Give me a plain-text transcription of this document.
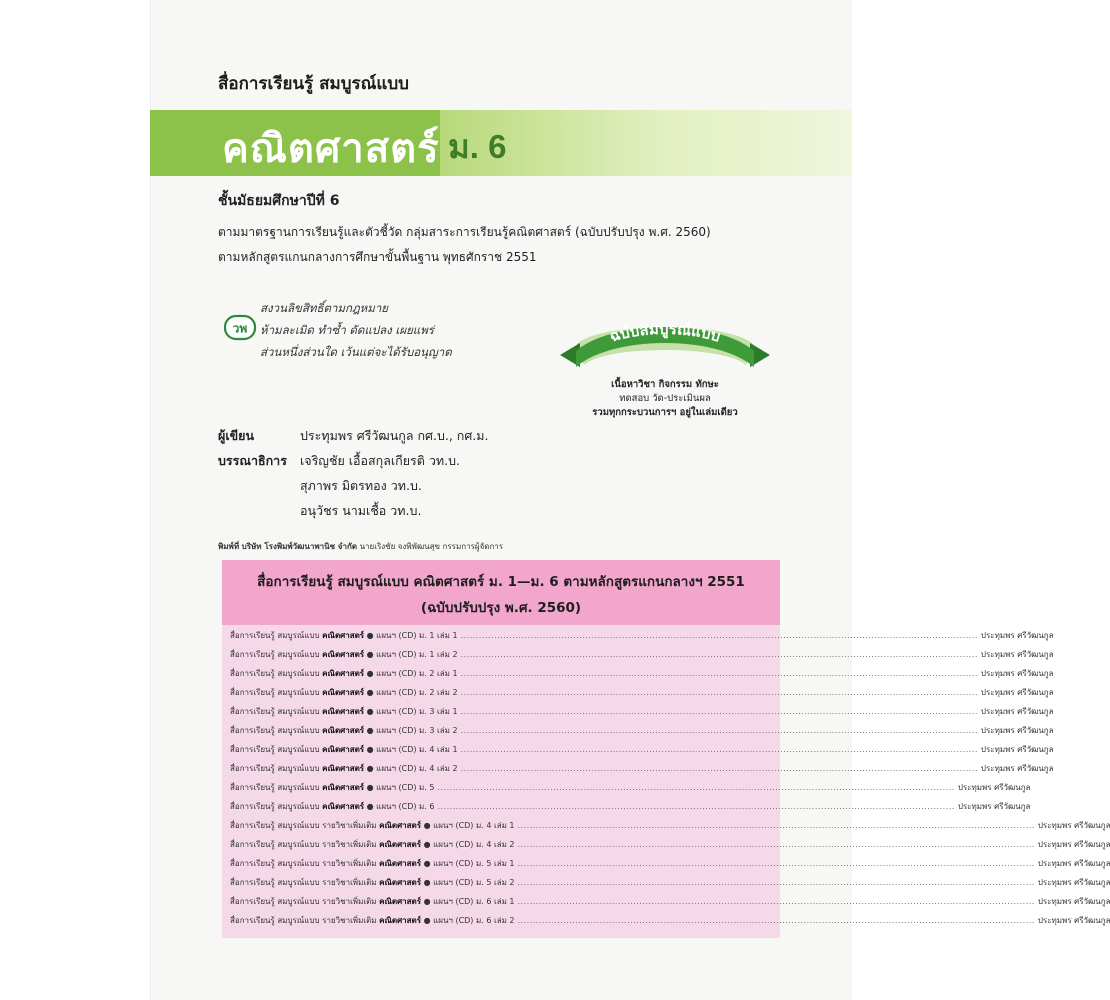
สื่อการเรียนรู้ สมบูรณ์แบบ
คณิตศาสตร์ ม. 6
ชั้นมัธยมศึกษาปีที่ 6
ตามมาตรฐานการเรียนรู้และตัวชี้วัด กลุ่มสาระการเรียนรู้คณิตศาสตร์ (ฉบับปรับปรุง พ.ศ. 2560)
ตามหลักสูตรแกนกลางการศึกษาขั้นพื้นฐาน พุทธศักราช 2551
วพ
สงวนลิขสิทธิ์ตามกฎหมาย
ห้ามละเมิด ทำซ้ำ ดัดแปลง เผยแพร่
ส่วนหนึ่งส่วนใด เว้นแต่จะได้รับอนุญาต
ฉบับสมบูรณ์แบบ
เนื้อหาวิชา กิจกรรม ทักษะ
ทดสอบ วัด-ประเมินผล
รวมทุกกระบวนการฯ อยู่ในเล่มเดียว
ผู้เขียน	ประทุมพร ศรีวัฒนกูล กศ.บ., กศ.ม.
บรรณาธิการ เจริญชัย เอื้อสกุลเกียรติ วท.บ.
สุภาพร มิตรทอง วท.บ.
อนุวัชร นามเชื้อ วท.บ.
พิมพ์ที่ บริษัท โรงพิมพ์วัฒนาพานิช จำกัด นายเริงชัย จงพิพัฒนสุข กรรมการผู้จัดการ
สื่อการเรียนรู้ สมบูรณ์แบบ คณิตศาสตร์ ม. 1—ม. 6 ตามหลักสูตรแกนกลางฯ 2551
(ฉบับปรับปรุง พ.ศ. 2560)
สื่อการเรียนรู้ สมบูรณ์แบบ คณิตศาสตร์ ● แผนฯ (CD) ม. 1 เล่ม 1 .......................................................................................................................................................................... ประทุมพร ศรีวัฒนกูล
สื่อการเรียนรู้ สมบูรณ์แบบ คณิตศาสตร์ ● แผนฯ (CD) ม. 1 เล่ม 2 .......................................................................................................................................................................... ประทุมพร ศรีวัฒนกูล
สื่อการเรียนรู้ สมบูรณ์แบบ คณิตศาสตร์ ● แผนฯ (CD) ม. 2 เล่ม 1 .......................................................................................................................................................................... ประทุมพร ศรีวัฒนกูล
สื่อการเรียนรู้ สมบูรณ์แบบ คณิตศาสตร์ ● แผนฯ (CD) ม. 2 เล่ม 2 .......................................................................................................................................................................... ประทุมพร ศรีวัฒนกูล
สื่อการเรียนรู้ สมบูรณ์แบบ คณิตศาสตร์ ● แผนฯ (CD) ม. 3 เล่ม 1 .......................................................................................................................................................................... ประทุมพร ศรีวัฒนกูล
สื่อการเรียนรู้ สมบูรณ์แบบ คณิตศาสตร์ ● แผนฯ (CD) ม. 3 เล่ม 2 .......................................................................................................................................................................... ประทุมพร ศรีวัฒนกูล
สื่อการเรียนรู้ สมบูรณ์แบบ คณิตศาสตร์ ● แผนฯ (CD) ม. 4 เล่ม 1 .......................................................................................................................................................................... ประทุมพร ศรีวัฒนกูล
สื่อการเรียนรู้ สมบูรณ์แบบ คณิตศาสตร์ ● แผนฯ (CD) ม. 4 เล่ม 2 .......................................................................................................................................................................... ประทุมพร ศรีวัฒนกูล
สื่อการเรียนรู้ สมบูรณ์แบบ คณิตศาสตร์ ● แผนฯ (CD) ม. 5 .......................................................................................................................................................................... ประทุมพร ศรีวัฒนกูล
สื่อการเรียนรู้ สมบูรณ์แบบ คณิตศาสตร์ ● แผนฯ (CD) ม. 6 .......................................................................................................................................................................... ประทุมพร ศรีวัฒนกูล
สื่อการเรียนรู้ สมบูรณ์แบบ รายวิชาเพิ่มเติม คณิตศาสตร์ ● แผนฯ (CD) ม. 4 เล่ม 1 .......................................................................................................................................................................... ประทุมพร ศรีวัฒนกูล
สื่อการเรียนรู้ สมบูรณ์แบบ รายวิชาเพิ่มเติม คณิตศาสตร์ ● แผนฯ (CD) ม. 4 เล่ม 2 .......................................................................................................................................................................... ประทุมพร ศรีวัฒนกูล
สื่อการเรียนรู้ สมบูรณ์แบบ รายวิชาเพิ่มเติม คณิตศาสตร์ ● แผนฯ (CD) ม. 5 เล่ม 1 .......................................................................................................................................................................... ประทุมพร ศรีวัฒนกูล
สื่อการเรียนรู้ สมบูรณ์แบบ รายวิชาเพิ่มเติม คณิตศาสตร์ ● แผนฯ (CD) ม. 5 เล่ม 2 .......................................................................................................................................................................... ประทุมพร ศรีวัฒนกูล
สื่อการเรียนรู้ สมบูรณ์แบบ รายวิชาเพิ่มเติม คณิตศาสตร์ ● แผนฯ (CD) ม. 6 เล่ม 1 .......................................................................................................................................................................... ประทุมพร ศรีวัฒนกูล
สื่อการเรียนรู้ สมบูรณ์แบบ รายวิชาเพิ่มเติม คณิตศาสตร์ ● แผนฯ (CD) ม. 6 เล่ม 2 .......................................................................................................................................................................... ประทุมพร ศรีวัฒนกูล
